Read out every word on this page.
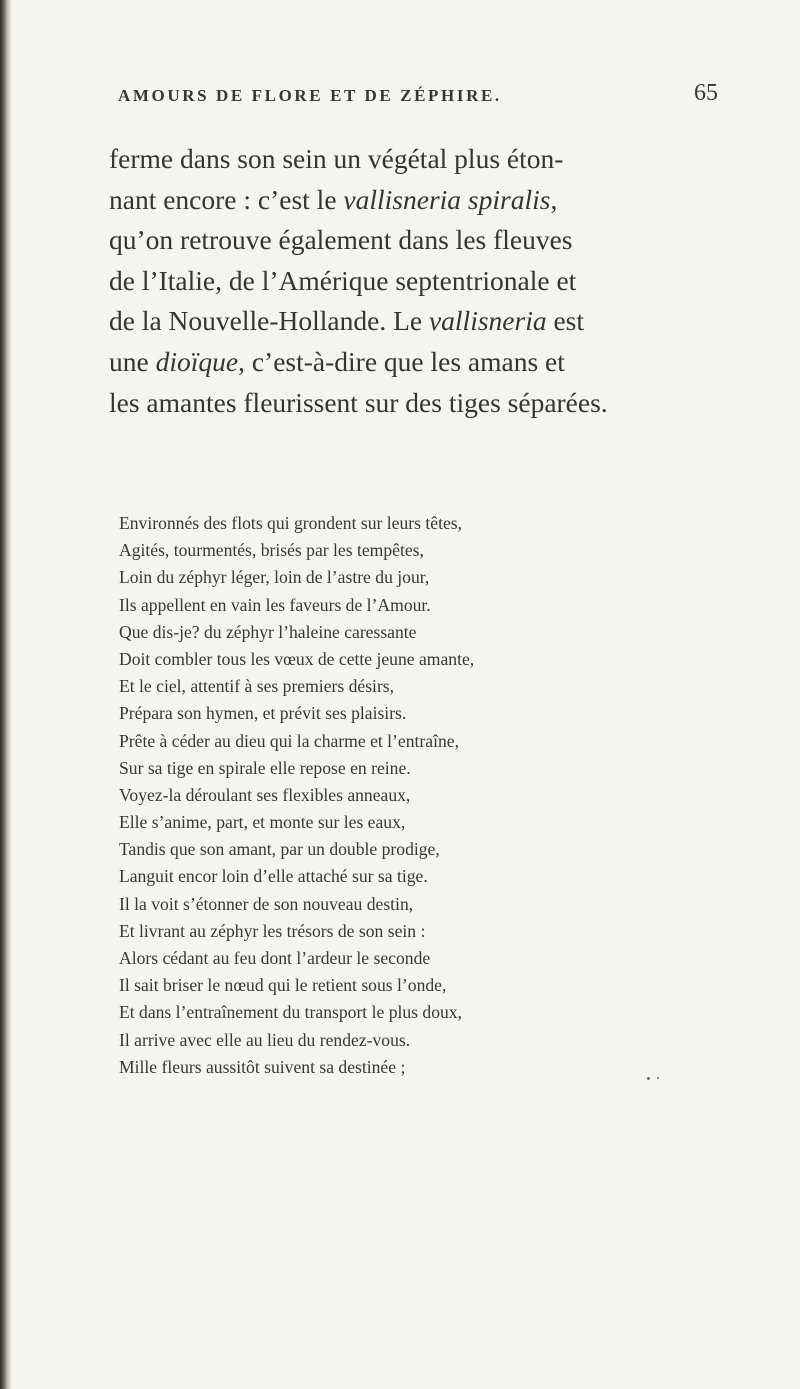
AMOURS DE FLORE ET DE ZÉPHIRE.	65
ferme dans son sein un végétal plus éton-
nant encore : c’est le vallisneria spiralis,
qu’on retrouve également dans les fleuves
de l’Italie, de l’Amérique septentrionale et
de la Nouvelle-Hollande. Le vallisneria est
une dioïque, c’est-à-dire que les amans et
les amantes fleurissent sur des tiges séparées.
Environnés des flots qui grondent sur leurs têtes,
Agités, tourmentés, brisés par les tempêtes,
Loin du zéphyr léger, loin de l’astre du jour,
Ils appellent en vain les faveurs de l’Amour.
Que dis-je? du zéphyr l’haleine caressante
Doit combler tous les vœux de cette jeune amante,
Et le ciel, attentif à ses premiers désirs,
Prépara son hymen, et prévit ses plaisirs.
Prête à céder au dieu qui la charme et l’entraîne,
Sur sa tige en spirale elle repose en reine.
Voyez-la déroulant ses flexibles anneaux,
Elle s’anime, part, et monte sur les eaux,
Tandis que son amant, par un double prodige,
Languit encor loin d’elle attaché sur sa tige.
Il la voit s’étonner de son nouveau destin,
Et livrant au zéphyr les trésors de son sein :
Alors cédant au feu dont l’ardeur le seconde
Il sait briser le nœud qui le retient sous l’onde,
Et dans l’entraînement du transport le plus doux,
Il arrive avec elle au lieu du rendez-vous.
Mille fleurs aussitôt suivent sa destinée ;
